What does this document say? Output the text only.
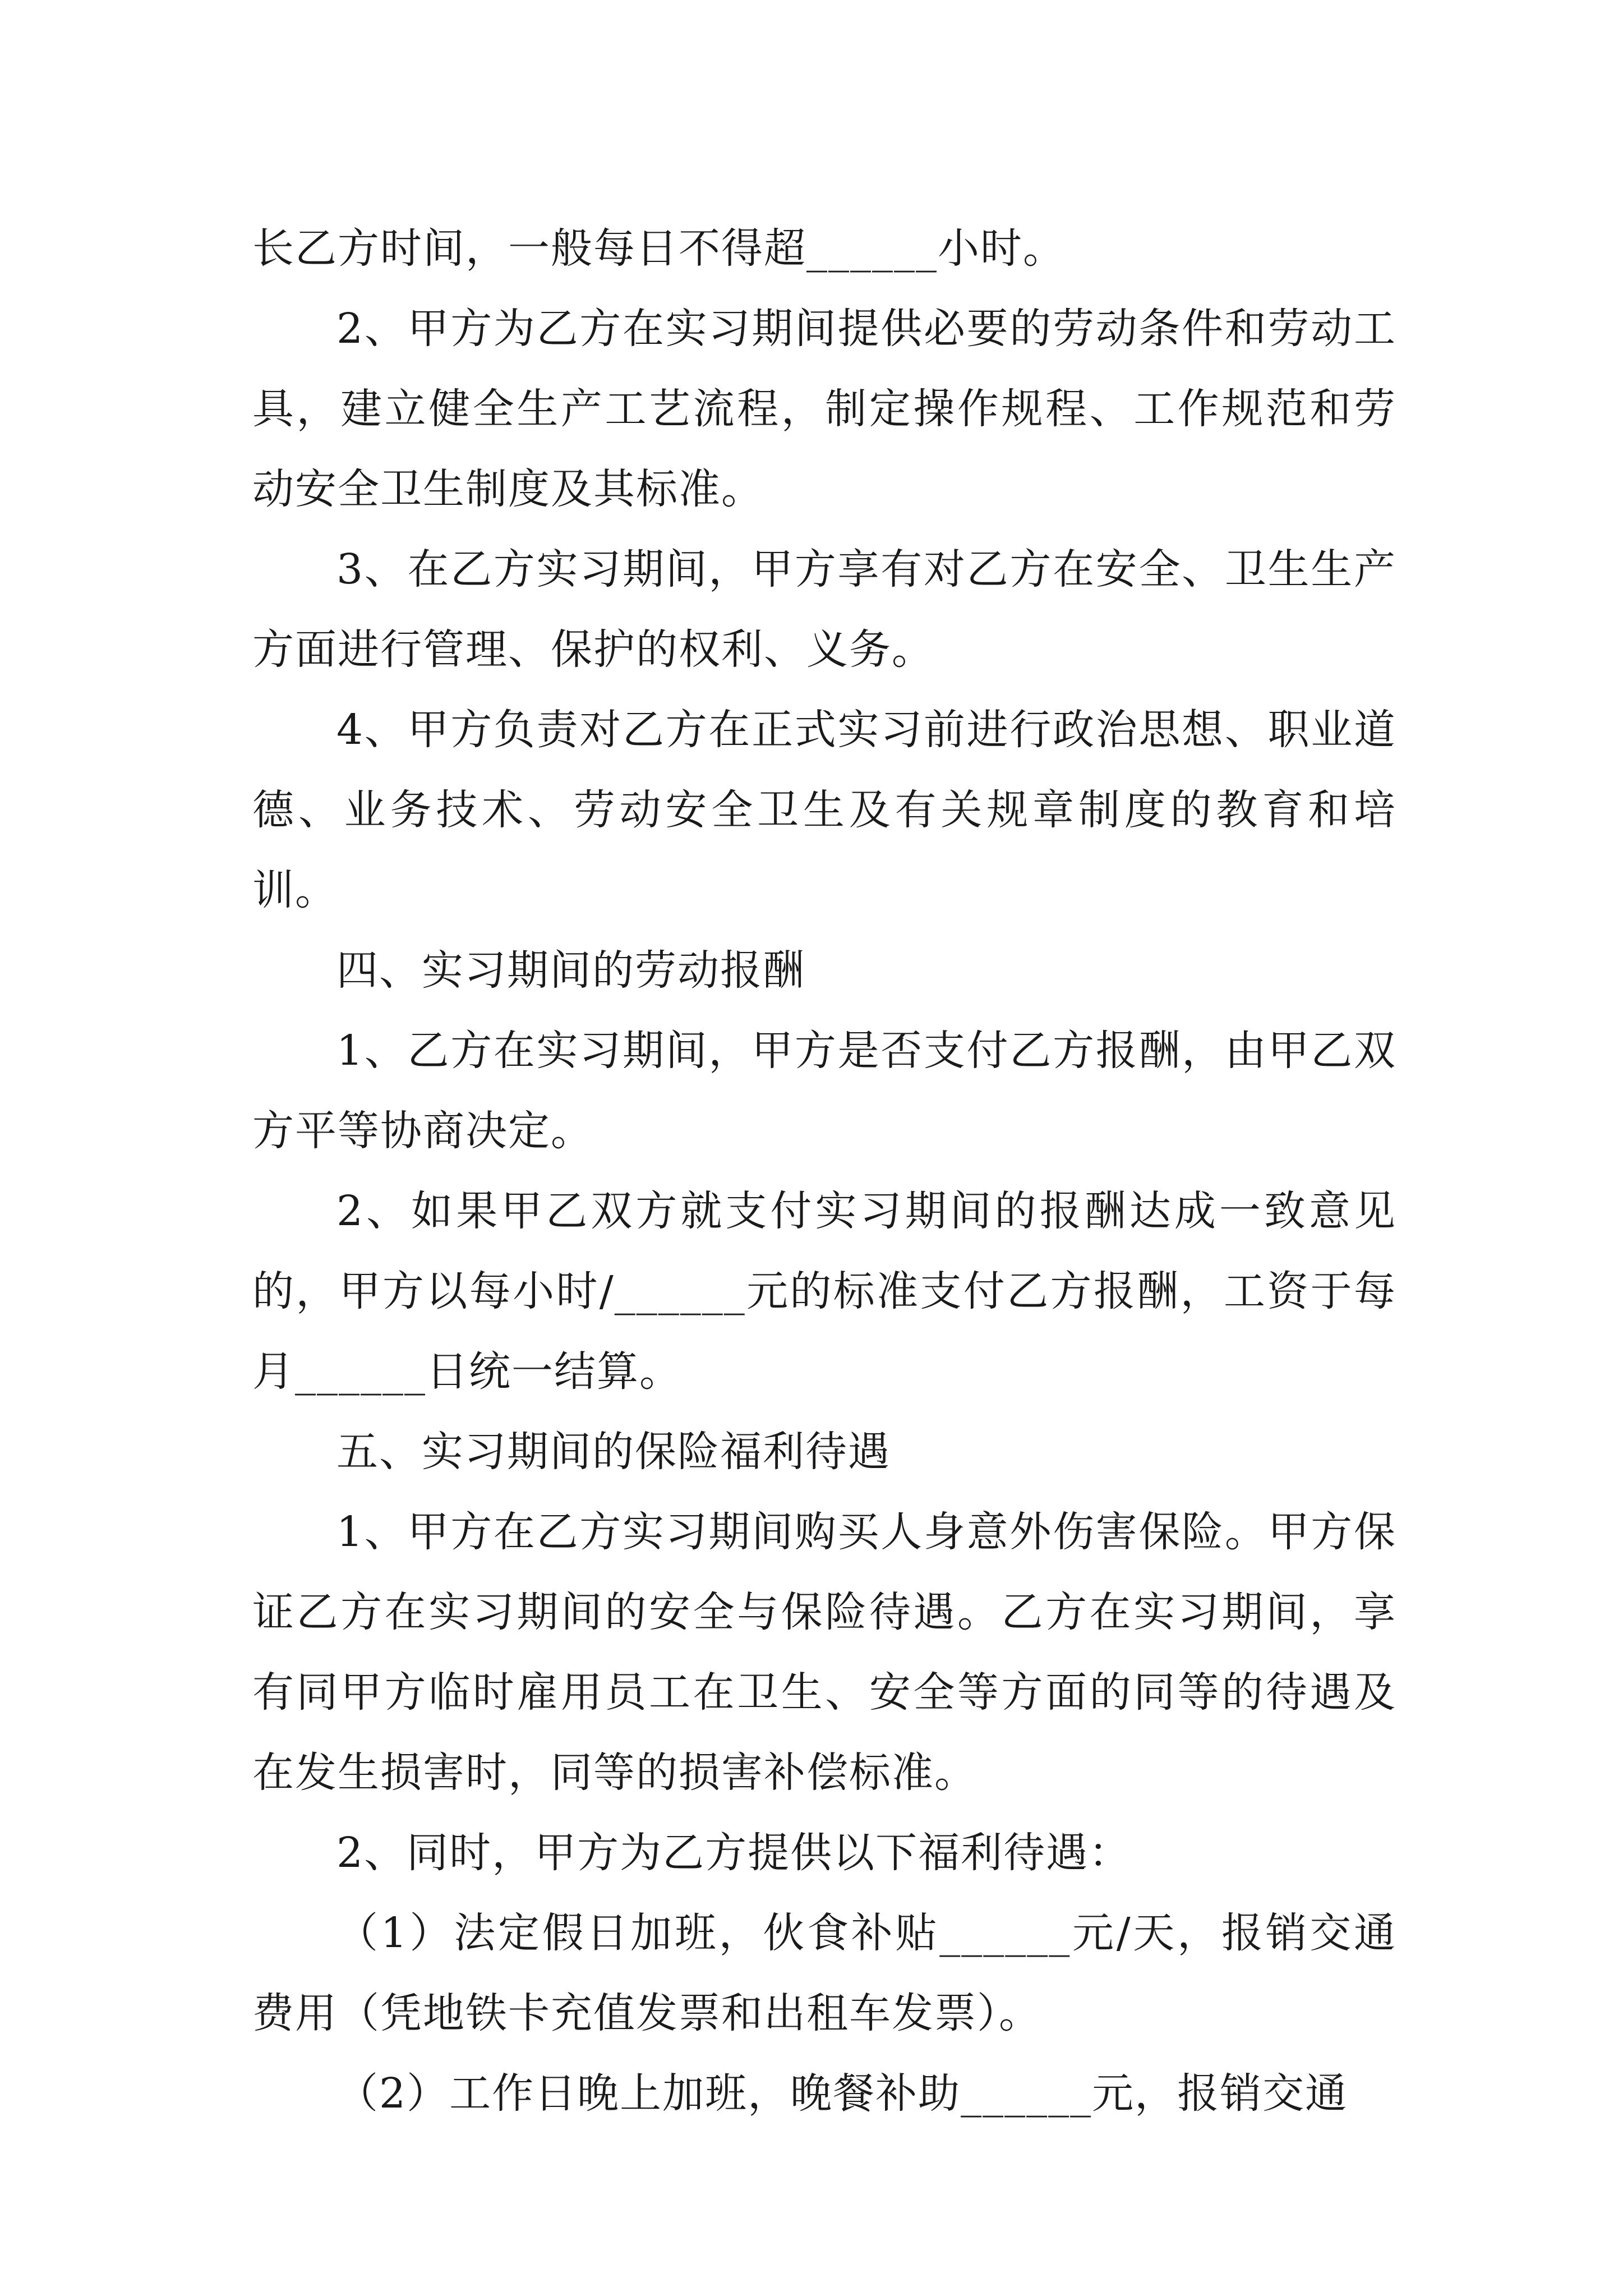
长乙方时间，一般每日不得超______小时。

2、甲方为乙方在实习期间提供必要的劳动条件和劳动工具，建立健全生产工艺流程，制定操作规程、工作规范和劳动安全卫生制度及其标准。

3、在乙方实习期间，甲方享有对乙方在安全、卫生生产方面进行管理、保护的权利、义务。

4、甲方负责对乙方在正式实习前进行政治思想、职业道德、业务技术、劳动安全卫生及有关规章制度的教育和培训。

四、实习期间的劳动报酬

1、乙方在实习期间，甲方是否支付乙方报酬，由甲乙双方平等协商决定。

2、如果甲乙双方就支付实习期间的报酬达成一致意见的，甲方以每小时/______元的标准支付乙方报酬，工资于每月______日统一结算。

五、实习期间的保险福利待遇

1、甲方在乙方实习期间购买人身意外伤害保险。甲方保证乙方在实习期间的安全与保险待遇。乙方在实习期间，享有同甲方临时雇用员工在卫生、安全等方面的同等的待遇及在发生损害时，同等的损害补偿标准。

2、同时，甲方为乙方提供以下福利待遇：

（1）法定假日加班，伙食补贴______元/天，报销交通费用（凭地铁卡充值发票和出租车发票）。

（2）工作日晚上加班，晚餐补助______元，报销交通
